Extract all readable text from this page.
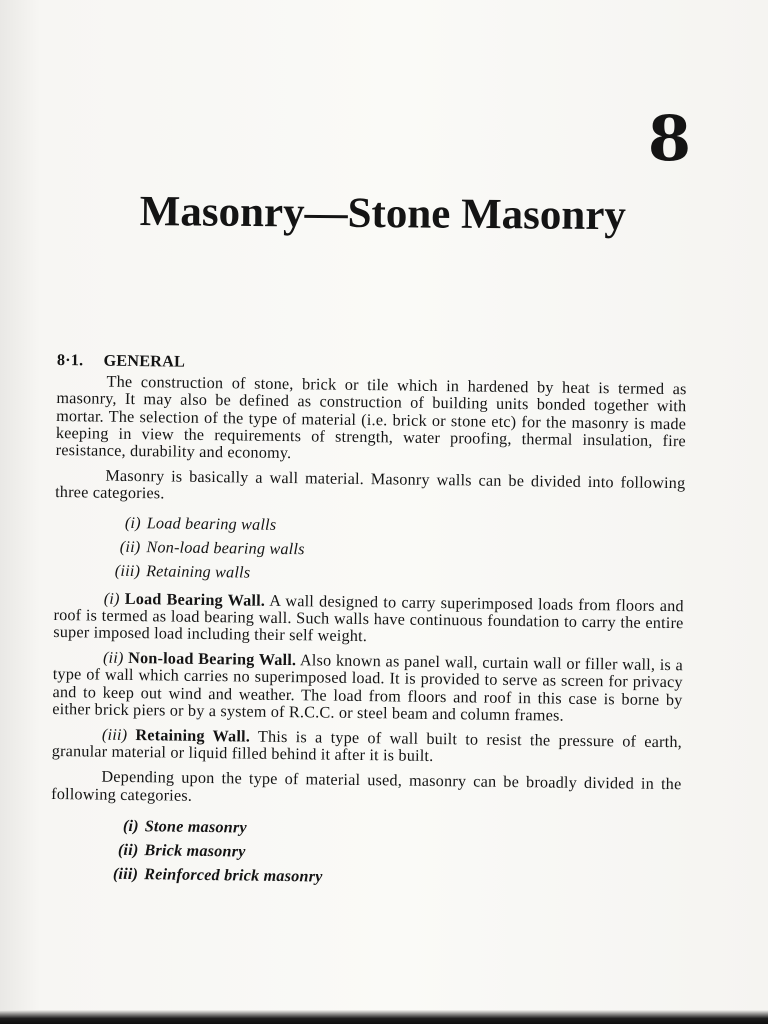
8
Masonry—Stone Masonry
8·1. GENERAL

The construction of stone, brick or tile which in hardened by heat is termed as masonry, It may also be defined as construction of building units bonded together with mortar. The selection of the type of material (i.e. brick or stone etc) for the masonry is made keeping in view the requirements of strength, water proofing, thermal insulation, fire resistance, durability and economy.

Masonry is basically a wall material. Masonry walls can be divided into following three categories.

(i) Load bearing walls
(ii) Non-load bearing walls
(iii) Retaining walls

(i) Load Bearing Wall. A wall designed to carry superimposed loads from floors and roof is termed as load bearing wall. Such walls have continuous foundation to carry the entire super imposed load including their self weight.

(ii) Non-load Bearing Wall. Also known as panel wall, curtain wall or filler wall, is a type of wall which carries no superimposed load. It is provided to serve as screen for privacy and to keep out wind and weather. The load from floors and roof in this case is borne by either brick piers or by a system of R.C.C. or steel beam and column frames.

(iii) Retaining Wall. This is a type of wall built to resist the pressure of earth, granular material or liquid filled behind it after it is built.

Depending upon the type of material used, masonry can be broadly divided in the following categories.

(i) Stone masonry
(ii) Brick masonry
(iii) Reinforced brick masonry
